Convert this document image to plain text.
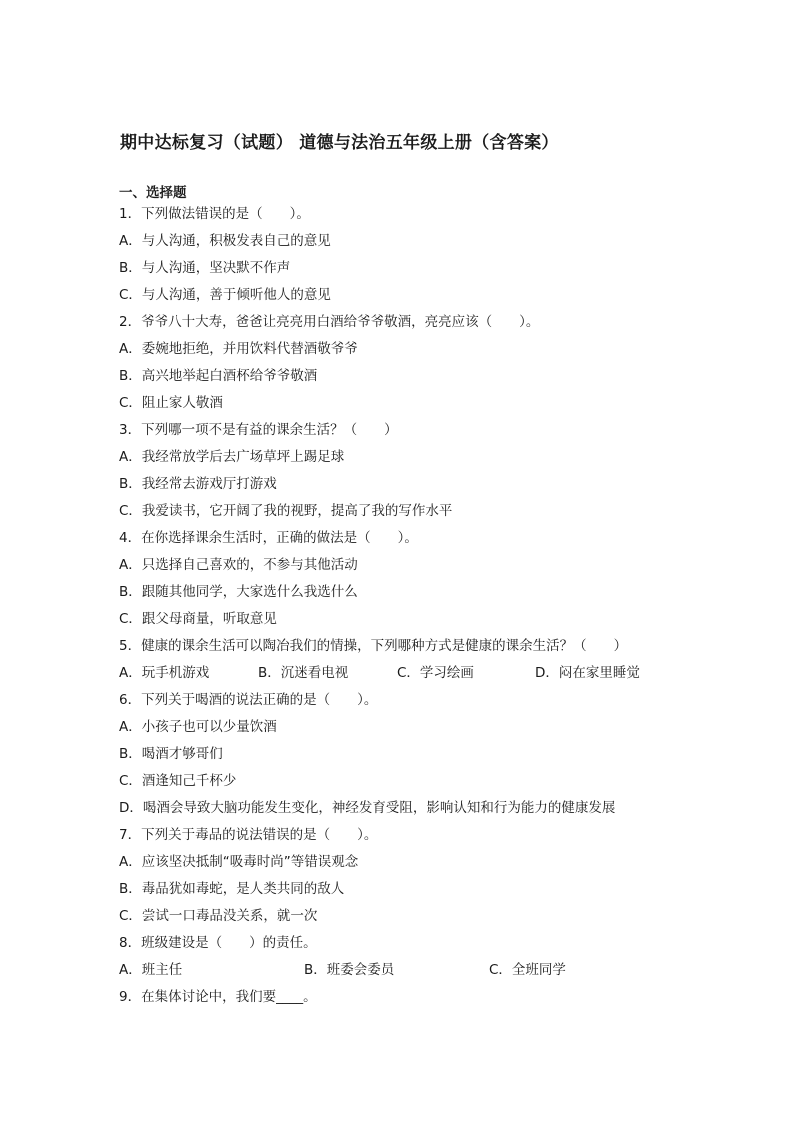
期中达标复习（试题） 道德与法治五年级上册（含答案）
一、选择题
1．下列做法错误的是（　　）。
A．与人沟通，积极发表自己的意见
B．与人沟通，坚决默不作声
C．与人沟通，善于倾听他人的意见
2．爷爷八十大寿，爸爸让亮亮用白酒给爷爷敬酒，亮亮应该（　　）。
A．委婉地拒绝，并用饮料代替酒敬爷爷
B．高兴地举起白酒杯给爷爷敬酒
C．阻止家人敬酒
3．下列哪一项不是有益的课余生活？（　　）
A．我经常放学后去广场草坪上踢足球
B．我经常去游戏厅打游戏
C．我爱读书，它开阔了我的视野，提高了我的写作水平
4．在你选择课余生活时，正确的做法是（　　）。
A．只选择自己喜欢的，不参与其他活动
B．跟随其他同学，大家选什么我选什么
C．跟父母商量，听取意见
5．健康的课余生活可以陶冶我们的情操，下列哪种方式是健康的课余生活？（　　）
A．玩手机游戏	B．沉迷看电视	C．学习绘画	D．闷在家里睡觉
6．下列关于喝酒的说法正确的是（　　）。
A．小孩子也可以少量饮酒
B．喝酒才够哥们
C．酒逢知己千杯少
D．喝酒会导致大脑功能发生变化，神经发育受阻，影响认知和行为能力的健康发展
7．下列关于毒品的说法错误的是（　　）。
A．应该坚决抵制“吸毒时尚”等错误观念
B．毒品犹如毒蛇，是人类共同的敌人
C．尝试一口毒品没关系，就一次
8．班级建设是（　　）的责任。
A．班主任	B．班委会委员	C．全班同学
9．在集体讨论中，我们要____。
